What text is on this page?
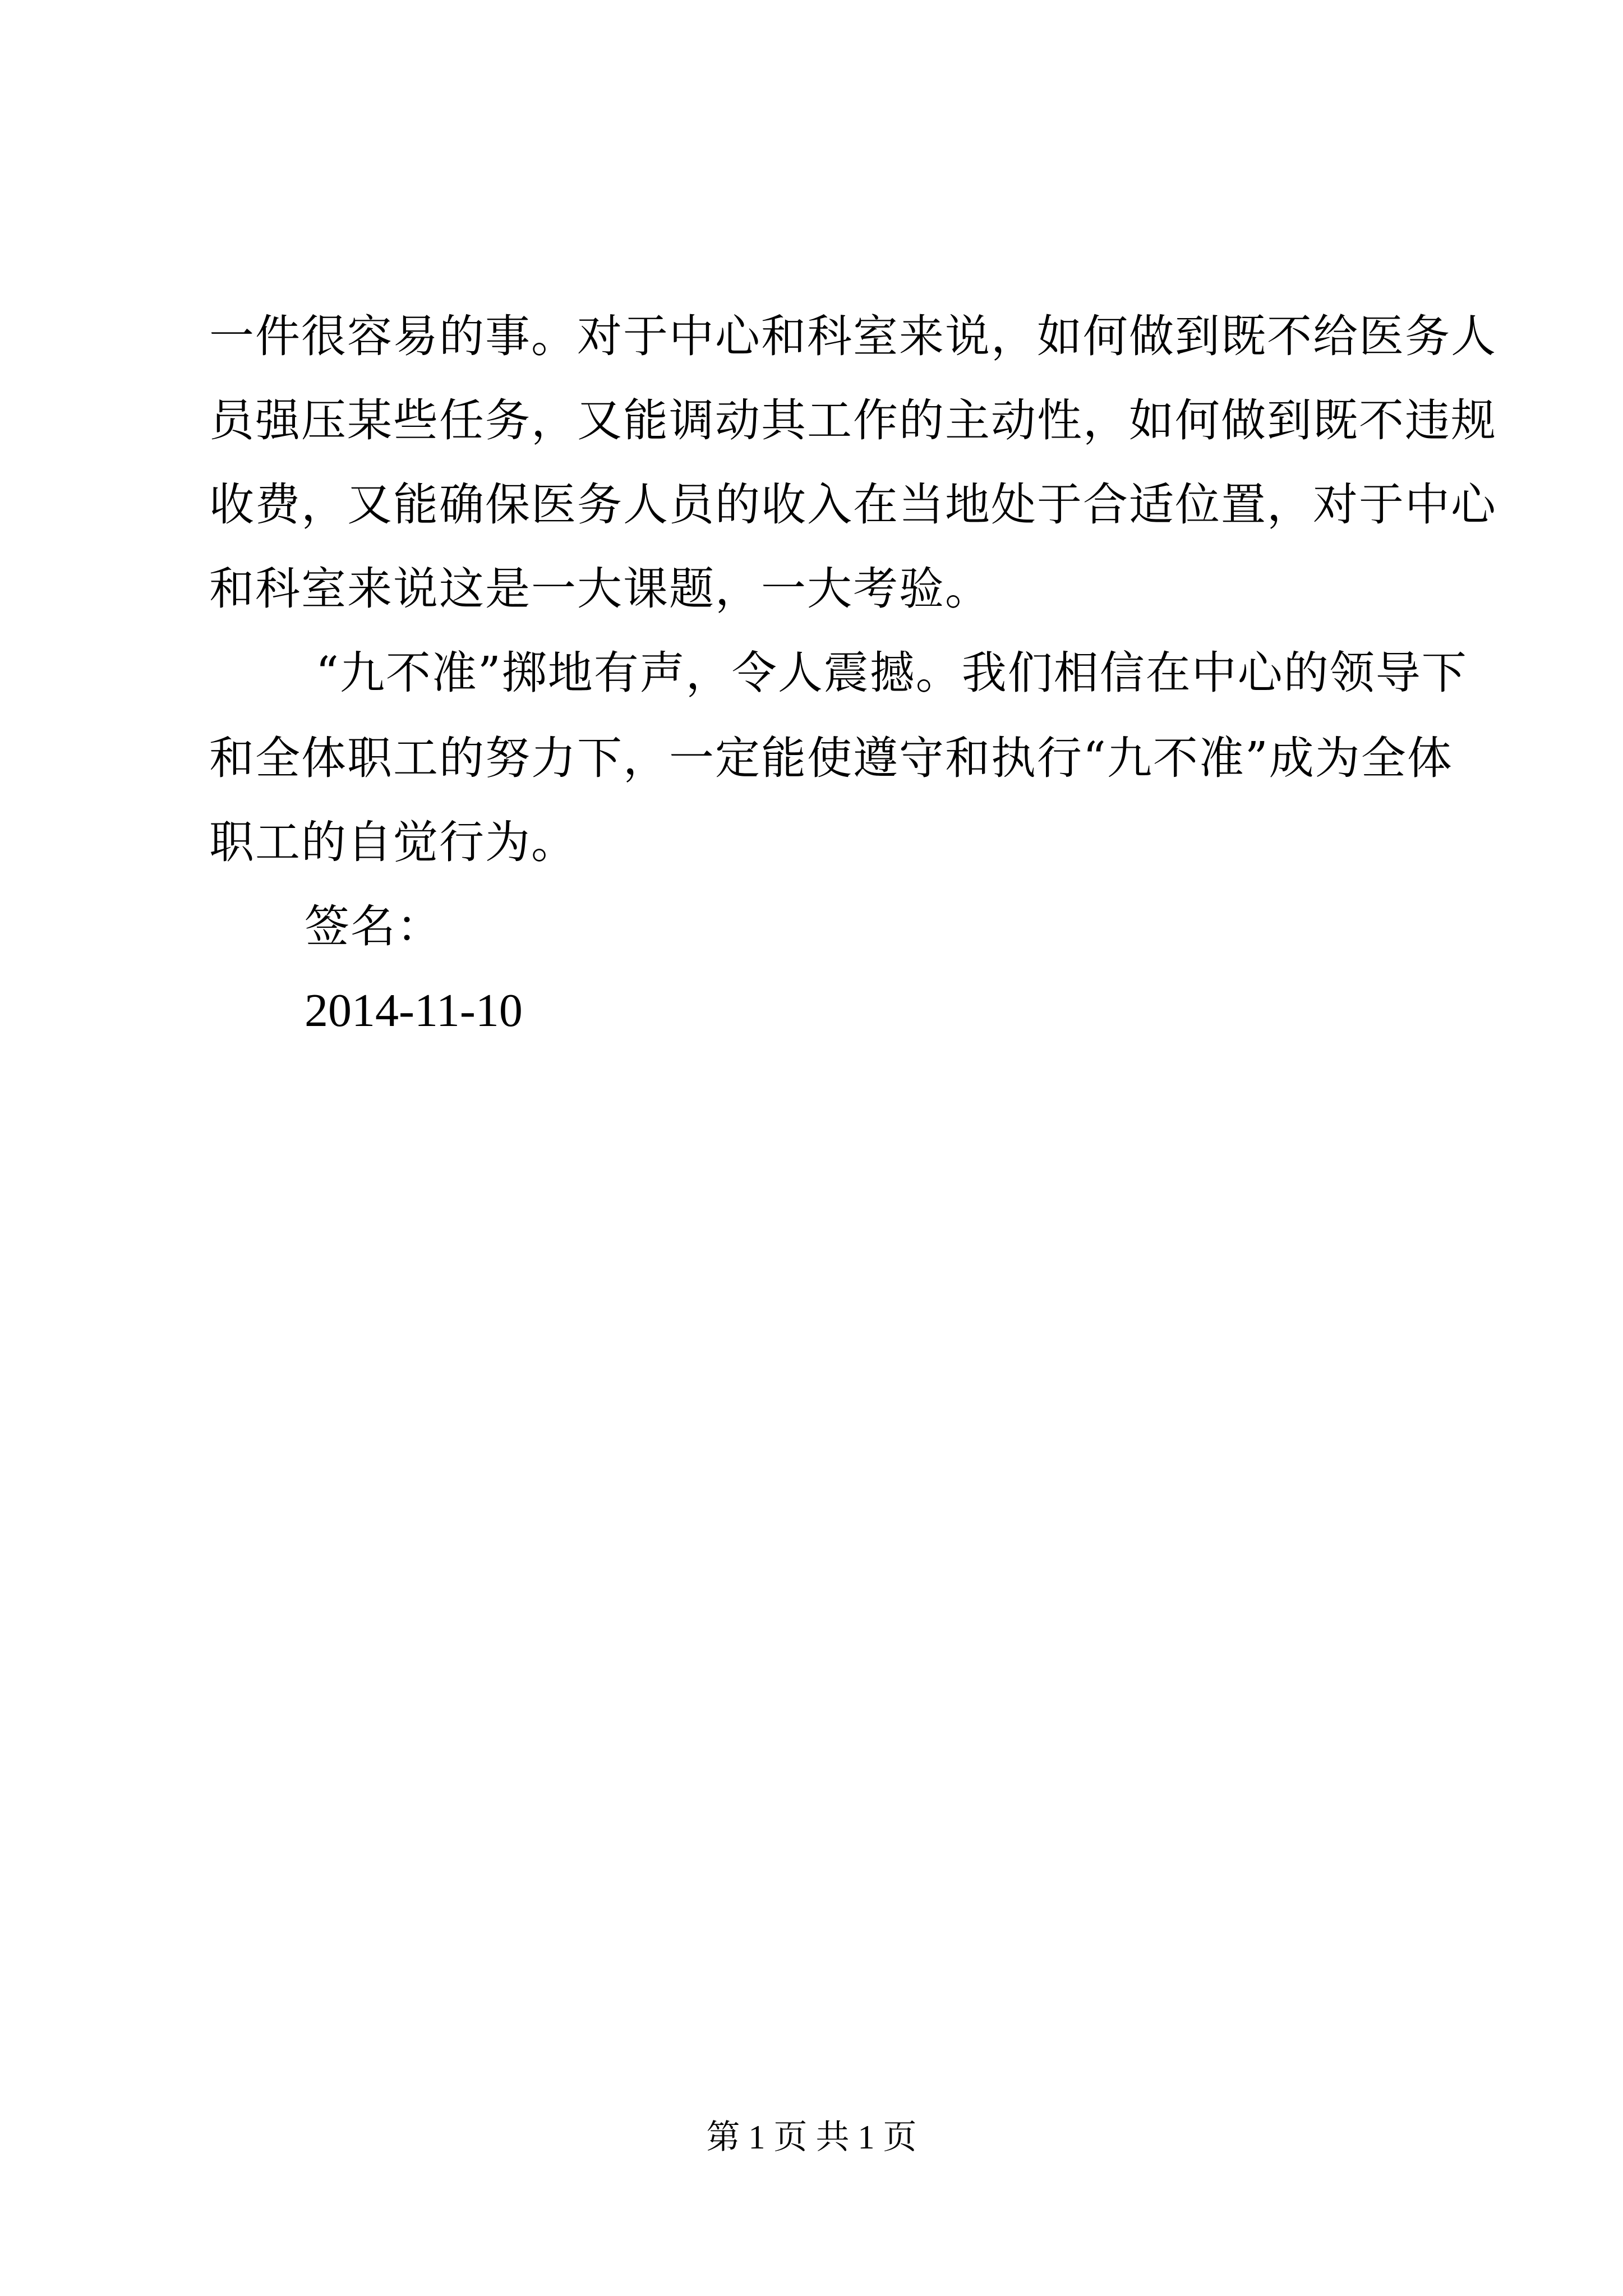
一件很容易的事。对于中心和科室来说，如何做到既不给医务人
员强压某些任务，又能调动其工作的主动性，如何做到既不违规
收费，又能确保医务人员的收入在当地处于合适位置，对于中心
和科室来说这是一大课题，一大考验。
“九不准”掷地有声，令人震撼。我们相信在中心的领导下
和全体职工的努力下，一定能使遵守和执行“九不准”成为全体
职工的自觉行为。
签名：
2014-11-10
第 1 页 共 1 页
